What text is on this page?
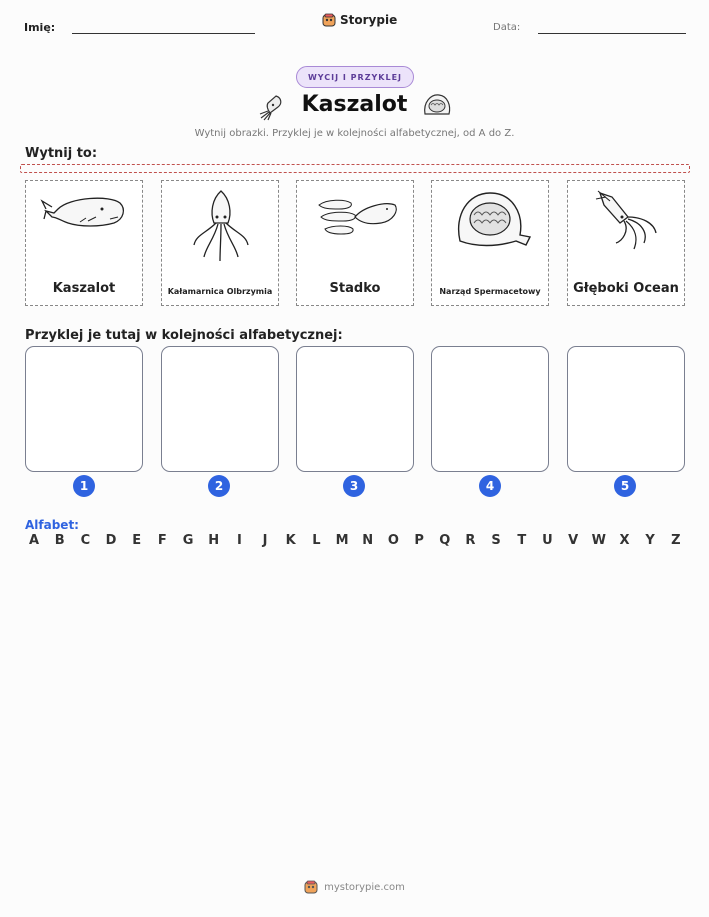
Imię:
Storypie
Data:
WYCIJ I PRZYKLEJ
Kaszalot
Wytnij obrazki. Przyklej je w kolejności alfabetycznej, od A do Z.
Wytnij to:
Kaszalot	Kałamarnica Olbrzymia	Stadko	Narząd Spermacetowy	Głęboki Ocean
Przyklej je tutaj w kolejności alfabetycznej:
1	2	3	4	5
Alfabet:
A	B	C	D	E	F	G H	I	J	K	L	M N O	P	Q	R	S	T	U	V	W	X	Y	Z
mystorypie.com
